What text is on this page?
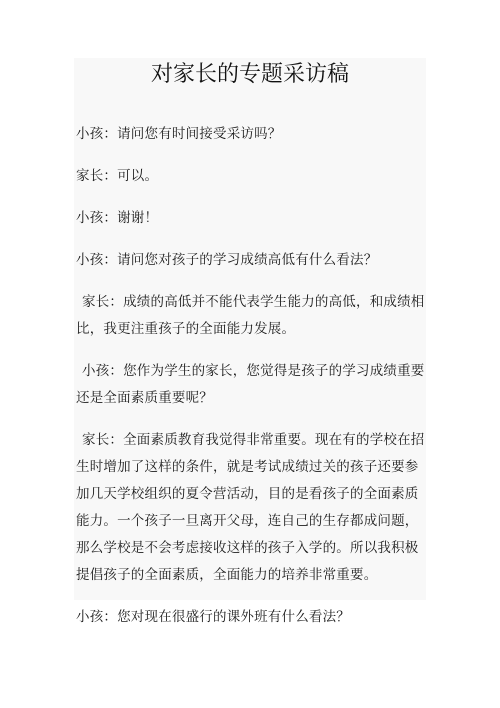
对家长的专题采访稿

小孩：请问您有时间接受采访吗？

家长：可以。

小孩：谢谢！

小孩：请问您对孩子的学习成绩高低有什么看法？

家长：成绩的高低并不能代表学生能力的高低，和成绩相比，我更注重孩子的全面能力发展。

小孩：您作为学生的家长，您觉得是孩子的学习成绩重要还是全面素质重要呢？

家长：全面素质教育我觉得非常重要。现在有的学校在招生时增加了这样的条件，就是考试成绩过关的孩子还要参加几天学校组织的夏令营活动，目的是看孩子的全面素质能力。一个孩子一旦离开父母，连自己的生存都成问题，那么学校是不会考虑接收这样的孩子入学的。所以我积极提倡孩子的全面素质，全面能力的培养非常重要。

小孩：您对现在很盛行的课外班有什么看法？
